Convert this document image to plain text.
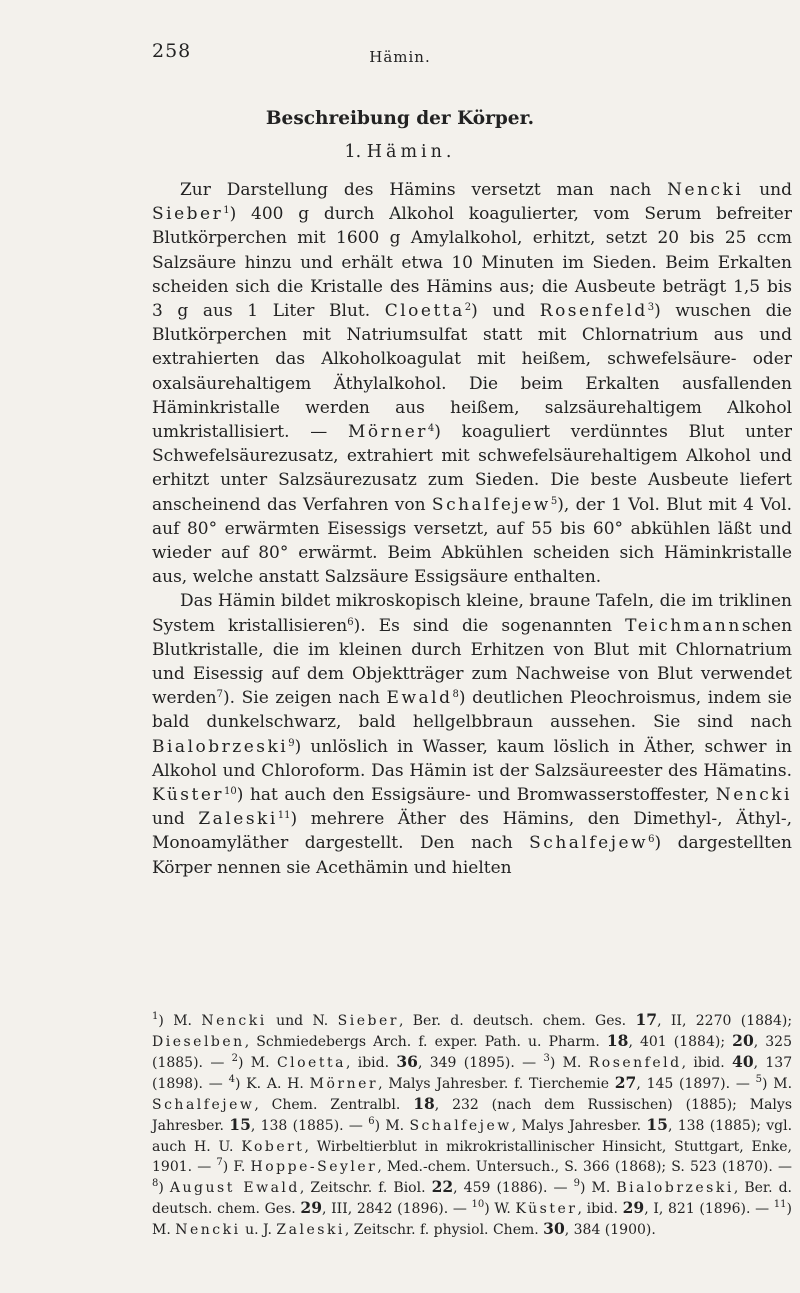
258	Hämin.
Beschreibung der Körper.
1. Hämin.

Zur Darstellung des Hämins versetzt man nach Nencki und Sieber$^1$) 400 g durch Alkohol koagulierter, vom Serum befreiter Blutkörperchen mit 1600 g Amylalkohol, erhitzt, setzt 20 bis 25 ccm Salzsäure hinzu und erhält etwa 10 Minuten im Sieden. Beim Erkalten scheiden sich die Kristalle des Hämins aus; die Ausbeute beträgt 1,5 bis 3 g aus 1 Liter Blut. Cloetta$^2$) und Rosenfeld$^3$) wuschen die Blutkörperchen mit Natriumsulfat statt mit Chlornatrium aus und extrahierten das Alkoholkoagulat mit heißem, schwefelsäure- oder oxalsäurehaltigem Äthylalkohol. Die beim Erkalten ausfallenden Häminkristalle werden aus heißem, salzsäurehaltigem Alkohol umkristallisiert. — Mörner$^4$) koaguliert verdünntes Blut unter Schwefelsäurezusatz, extrahiert mit schwefelsäurehaltigem Alkohol und erhitzt unter Salzsäurezusatz zum Sieden. Die beste Ausbeute liefert anscheinend das Verfahren von Schalfejew$^5$), der 1 Vol. Blut mit 4 Vol. auf 80° erwärmten Eisessigs versetzt, auf 55 bis 60° abkühlen läßt und wieder auf 80° erwärmt. Beim Abkühlen scheiden sich Häminkristalle aus, welche anstatt Salzsäure Essigsäure enthalten.

Das Hämin bildet mikroskopisch kleine, braune Tafeln, die im triklinen System kristallisieren$^6$). Es sind die sogenannten Teichmannschen Blutkristalle, die im kleinen durch Erhitzen von Blut mit Chlornatrium und Eisessig auf dem Objektträger zum Nachweise von Blut verwendet werden$^7$). Sie zeigen nach Ewald$^8$) deutlichen Pleochroismus, indem sie bald dunkelschwarz, bald hellgelbbraun aussehen. Sie sind nach Bialobrzeski$^9$) unlöslich in Wasser, kaum löslich in Äther, schwer in Alkohol und Chloroform. Das Hämin ist der Salzsäureester des Hämatins. Küster$^{10}$) hat auch den Essigsäure- und Bromwasserstoffester, Nencki und Zaleski$^{11}$) mehrere Äther des Hämins, den Dimethyl-, Äthyl-, Monoamyläther dargestellt. Den nach Schalfejew$^6$) dargestellten Körper nennen sie Acethämin und hielten

$^1$) M. Nencki und N. Sieber, Ber. d. deutsch. chem. Ges. 17, II, 2270 (1884); Dieselben, Schmiedebergs Arch. f. exper. Path. u. Pharm. 18, 401 (1884); 20, 325 (1885). — $^2$) M. Cloetta, ibid. 36, 349 (1895). — $^3$) M. Rosenfeld, ibid. 40, 137 (1898). — $^4$) K. A. H. Mörner, Malys Jahresber. f. Tierchemie 27, 145 (1897). — $^5$) M. Schalfejew, Chem. Zentralbl. 18, 232 (nach dem Russischen) (1885); Malys Jahresber. 15, 138 (1885). — $^6$) M. Schalfejew, Malys Jahresber. 15, 138 (1885); vgl. auch H. U. Kobert, Wirbeltierblut in mikrokristallinischer Hinsicht, Stuttgart, Enke, 1901. — $^7$) F. Hoppe-Seyler, Med.-chem. Untersuch., S. 366 (1868); S. 523 (1870). — $^8$) August Ewald, Zeitschr. f. Biol. 22, 459 (1886). — $^9$) M. Bialobrzeski, Ber. d. deutsch. chem. Ges. 29, III, 2842 (1896). — $^{10}$) W. Küster, ibid. 29, I, 821 (1896). — $^{11}$) M. Nencki u. J. Zaleski, Zeitschr. f. physiol. Chem. 30, 384 (1900).
